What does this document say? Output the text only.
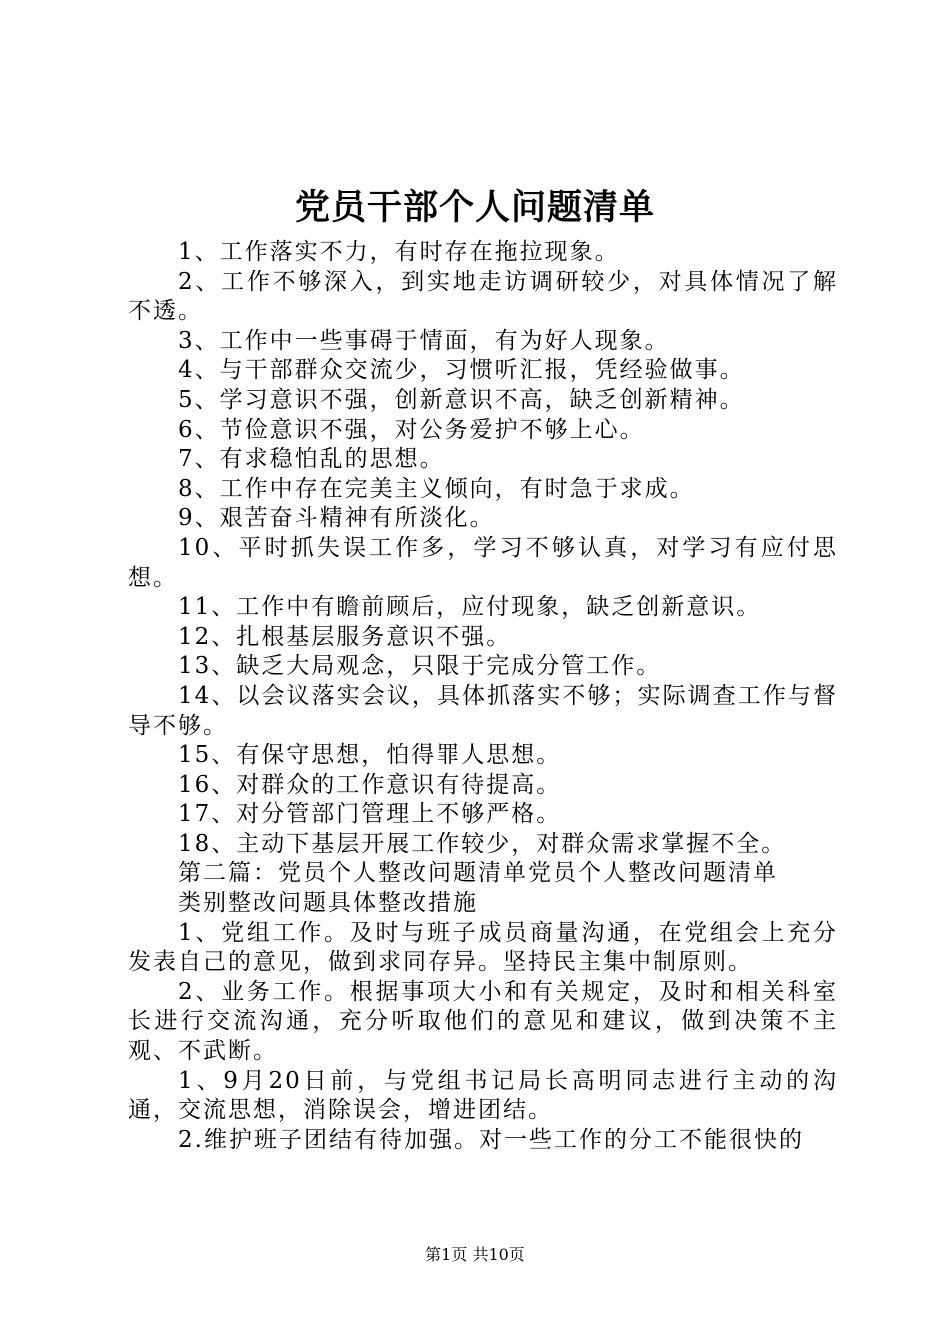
党员干部个人问题清单

1、工作落实不力，有时存在拖拉现象。

2、工作不够深入，到实地走访调研较少，对具体情况了解不透。

3、工作中一些事碍于情面，有为好人现象。

4、与干部群众交流少，习惯听汇报，凭经验做事。

5、学习意识不强，创新意识不高，缺乏创新精神。

6、节俭意识不强，对公务爱护不够上心。

7、有求稳怕乱的思想。

8、工作中存在完美主义倾向，有时急于求成。

9、艰苦奋斗精神有所淡化。

10、平时抓失误工作多，学习不够认真，对学习有应付思想。

11、工作中有瞻前顾后，应付现象，缺乏创新意识。

12、扎根基层服务意识不强。

13、缺乏大局观念，只限于完成分管工作。

14、以会议落实会议，具体抓落实不够；实际调查工作与督导不够。

15、有保守思想，怕得罪人思想。

16、对群众的工作意识有待提高。

17、对分管部门管理上不够严格。

18、主动下基层开展工作较少，对群众需求掌握不全。

第二篇：党员个人整改问题清单党员个人整改问题清单

类别整改问题具体整改措施

1、党组工作。及时与班子成员商量沟通，在党组会上充分发表自己的意见，做到求同存异。坚持民主集中制原则。

2、业务工作。根据事项大小和有关规定，及时和相关科室长进行交流沟通，充分听取他们的意见和建议，做到决策不主观、不武断。

1、9月20日前，与党组书记局长高明同志进行主动的沟通，交流思想，消除误会，增进团结。

2.维护班子团结有待加强。对一些工作的分工不能很快的

第1页 共10页
